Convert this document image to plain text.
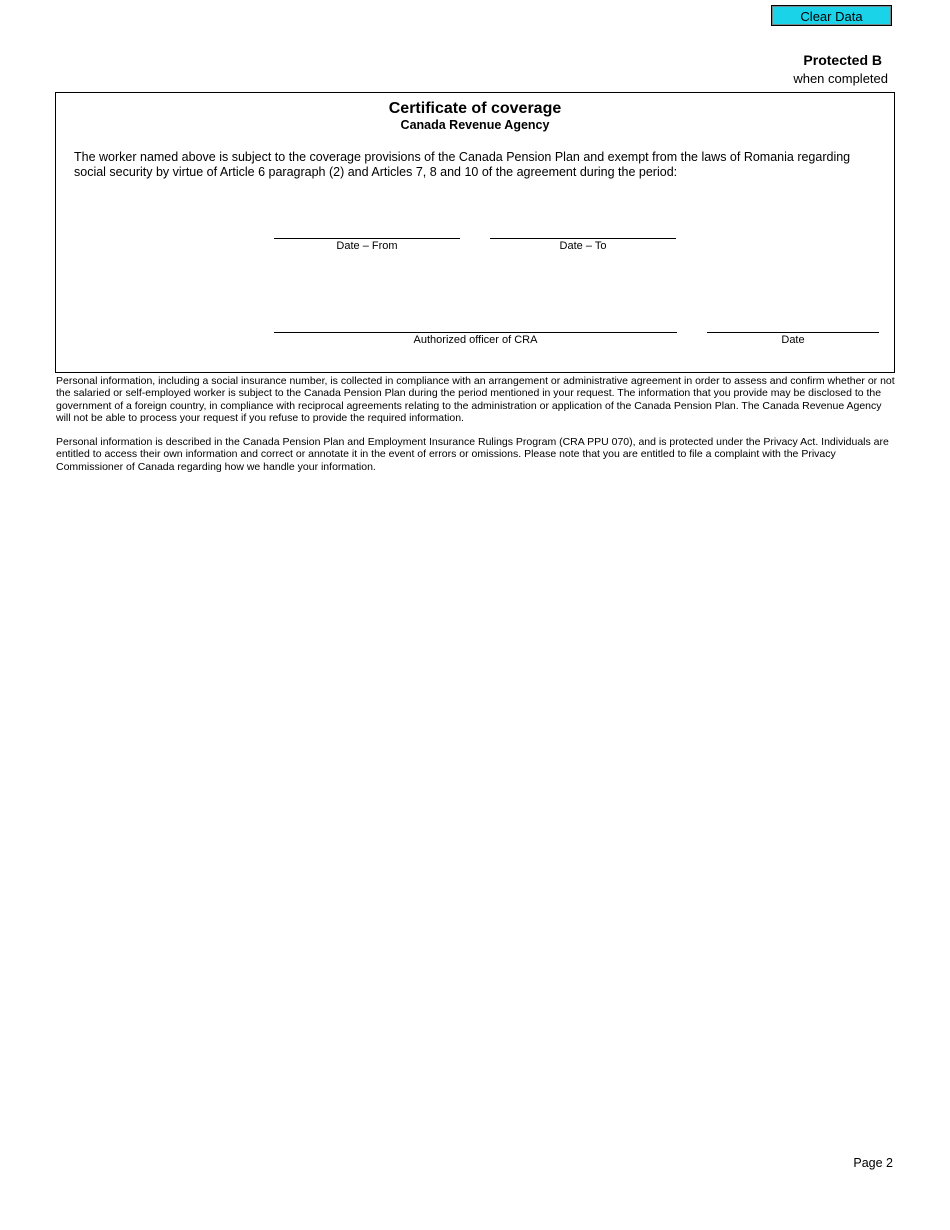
Clear Data
Protected B
when completed
Certificate of coverage
Canada Revenue Agency
The worker named above is subject to the coverage provisions of the Canada Pension Plan and exempt from the laws of Romania regarding social security by virtue of Article 6 paragraph (2) and Articles 7, 8 and 10 of the agreement during the period:
Date – From	Date – To
Authorized officer of CRA	Date

Personal information, including a social insurance number, is collected in compliance with an arrangement or administrative agreement in order to assess and confirm whether or not the salaried or self-employed worker is subject to the Canada Pension Plan during the period mentioned in your request. The information that you provide may be disclosed to the government of a foreign country, in compliance with reciprocal agreements relating to the administration or application of the Canada Pension Plan. The Canada Revenue Agency will not be able to process your request if you refuse to provide the required information.

Personal information is described in the Canada Pension Plan and Employment Insurance Rulings Program (CRA PPU 070), and is protected under the Privacy Act. Individuals are entitled to access their own information and correct or annotate it in the event of errors or omissions. Please note that you are entitled to file a complaint with the Privacy Commissioner of Canada regarding how we handle your information.

Page 2
